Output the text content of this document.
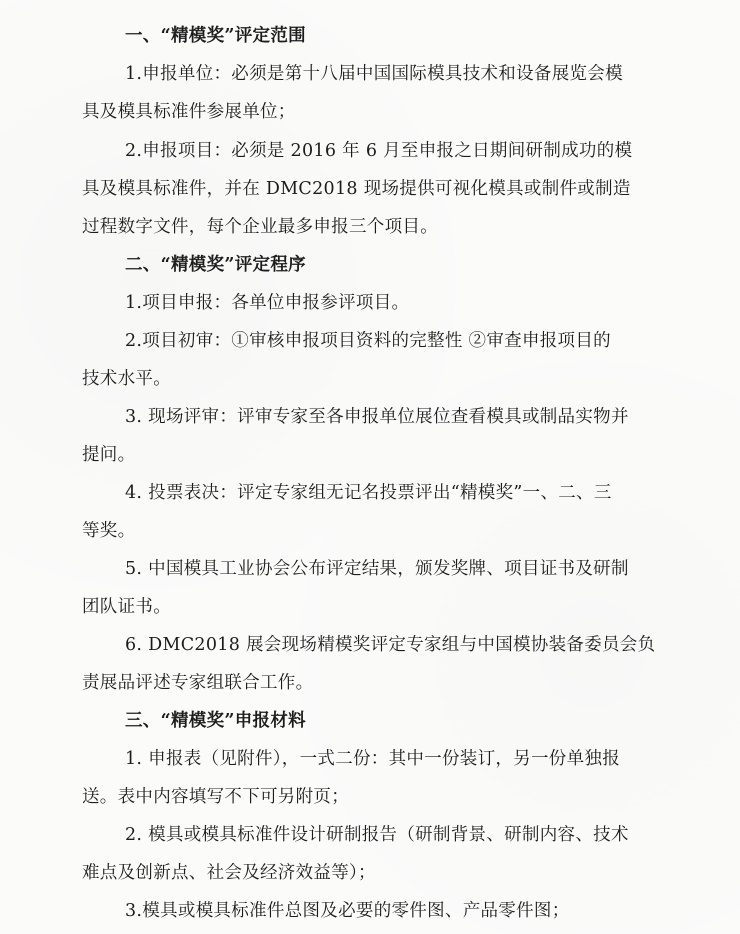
一、“精模奖”评定范围
1.申报单位：必须是第十八届中国国际模具技术和设备展览会模
具及模具标准件参展单位；
2.申报项目：必须是 2016 年 6 月至申报之日期间研制成功的模
具及模具标准件，并在 DMC2018 现场提供可视化模具或制件或制造
过程数字文件，每个企业最多申报三个项目。
二、“精模奖”评定程序
1.项目申报：各单位申报参评项目。
2.项目初审：①审核申报项目资料的完整性 ②审查申报项目的
技术水平。
3. 现场评审：评审专家至各申报单位展位查看模具或制品实物并
提问。
4. 投票表决：评定专家组无记名投票评出“精模奖”一、二、三
等奖。
5. 中国模具工业协会公布评定结果，颁发奖牌、项目证书及研制
团队证书。
6. DMC2018 展会现场精模奖评定专家组与中国模协装备委员会负
责展品评述专家组联合工作。
三、“精模奖”申报材料
1. 申报表（见附件），一式二份：其中一份装订，另一份单独报
送。表中内容填写不下可另附页；
2. 模具或模具标准件设计研制报告（研制背景、研制内容、技术
难点及创新点、社会及经济效益等）；
3.模具或模具标准件总图及必要的零件图、产品零件图；
